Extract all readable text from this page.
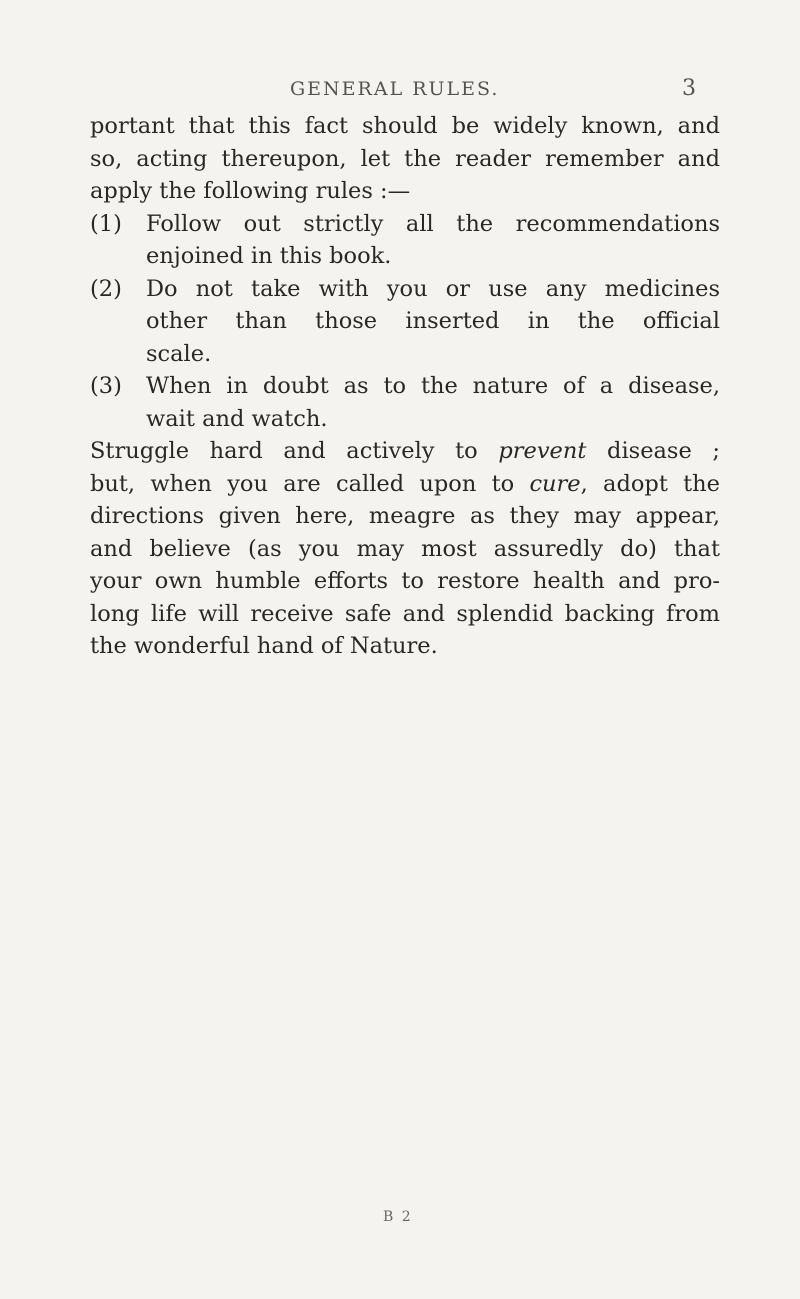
GENERAL RULES.	3
portant that this fact should be widely known, and
so, acting thereupon, let the reader remember and
apply the following rules :—
(1)	Follow out strictly all the recommendations
enjoined in this book.
(2)	Do not take with you or use any medicines
other than those inserted in the official
scale.
(3)	When in doubt as to the nature of a disease,
wait and watch.
Struggle hard and actively to prevent disease ;
but, when you are called upon to cure, adopt the
directions given here, meagre as they may appear,
and believe (as you may most assuredly do) that
your own humble efforts to restore health and pro-
long life will receive safe and splendid backing from
the wonderful hand of Nature.
B 2
